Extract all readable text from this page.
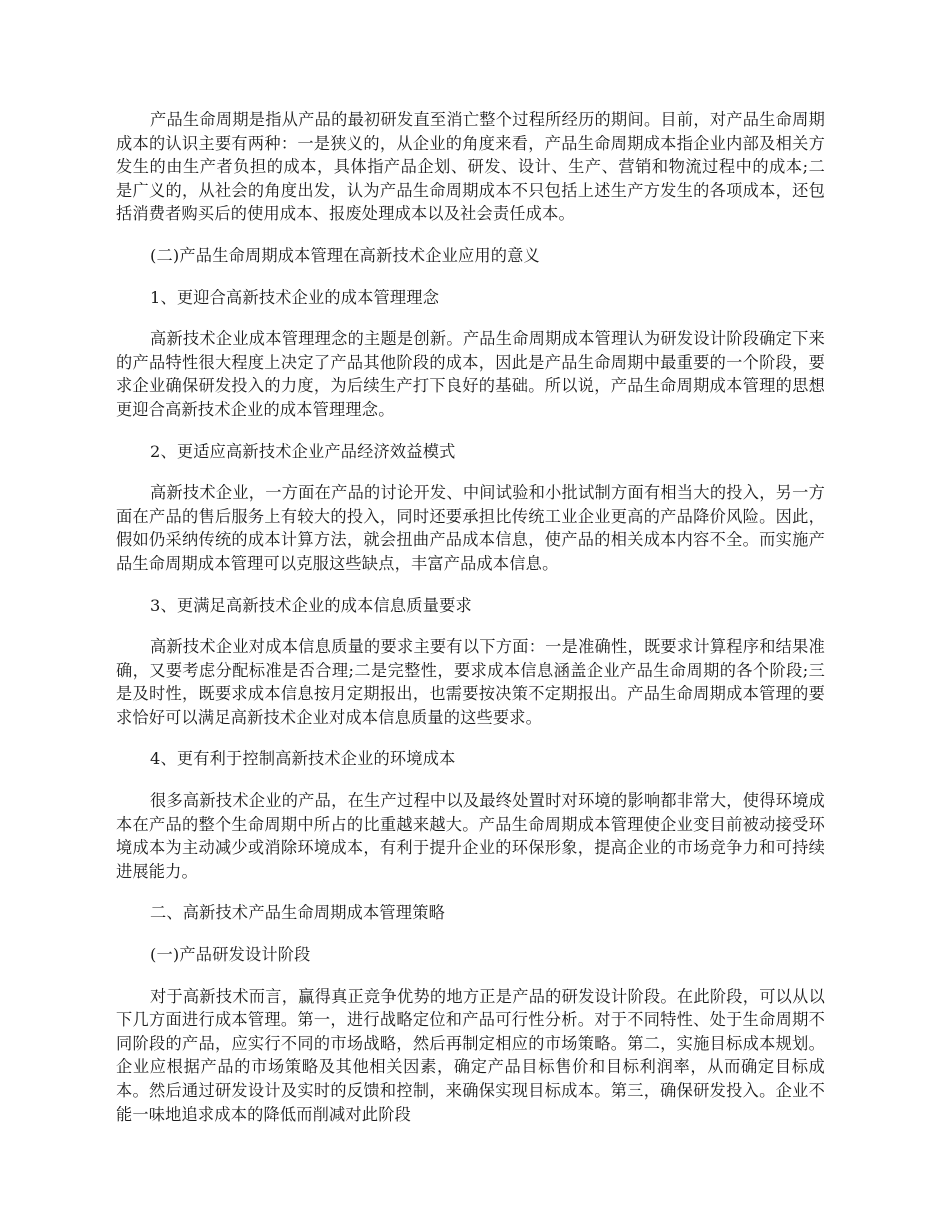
产品生命周期是指从产品的最初研发直至消亡整个过程所经历的期间。目前，对产品生命周期成本的认识主要有两种：一是狭义的，从企业的角度来看，产品生命周期成本指企业内部及相关方发生的由生产者负担的成本，具体指产品企划、研发、设计、生产、营销和物流过程中的成本;二是广义的，从社会的角度出发，认为产品生命周期成本不只包括上述生产方发生的各项成本，还包括消费者购买后的使用成本、报废处理成本以及社会责任成本。

(二)产品生命周期成本管理在高新技术企业应用的意义

1、更迎合高新技术企业的成本管理理念

高新技术企业成本管理理念的主题是创新。产品生命周期成本管理认为研发设计阶段确定下来的产品特性很大程度上决定了产品其他阶段的成本，因此是产品生命周期中最重要的一个阶段，要求企业确保研发投入的力度，为后续生产打下良好的基础。所以说，产品生命周期成本管理的思想更迎合高新技术企业的成本管理理念。

2、更适应高新技术企业产品经济效益模式

高新技术企业，一方面在产品的讨论开发、中间试验和小批试制方面有相当大的投入，另一方面在产品的售后服务上有较大的投入，同时还要承担比传统工业企业更高的产品降价风险。因此，假如仍采纳传统的成本计算方法，就会扭曲产品成本信息，使产品的相关成本内容不全。而实施产品生命周期成本管理可以克服这些缺点，丰富产品成本信息。

3、更满足高新技术企业的成本信息质量要求

高新技术企业对成本信息质量的要求主要有以下方面：一是准确性，既要求计算程序和结果准确，又要考虑分配标准是否合理;二是完整性，要求成本信息涵盖企业产品生命周期的各个阶段;三是及时性，既要求成本信息按月定期报出，也需要按决策不定期报出。产品生命周期成本管理的要求恰好可以满足高新技术企业对成本信息质量的这些要求。

4、更有利于控制高新技术企业的环境成本

很多高新技术企业的产品，在生产过程中以及最终处置时对环境的影响都非常大，使得环境成本在产品的整个生命周期中所占的比重越来越大。产品生命周期成本管理使企业变目前被动接受环境成本为主动减少或消除环境成本，有利于提升企业的环保形象，提高企业的市场竞争力和可持续进展能力。

二、高新技术产品生命周期成本管理策略

(一)产品研发设计阶段

对于高新技术而言，赢得真正竞争优势的地方正是产品的研发设计阶段。在此阶段，可以从以下几方面进行成本管理。第一，进行战略定位和产品可行性分析。对于不同特性、处于生命周期不同阶段的产品，应实行不同的市场战略，然后再制定相应的市场策略。第二，实施目标成本规划。企业应根据产品的市场策略及其他相关因素，确定产品目标售价和目标利润率，从而确定目标成本。然后通过研发设计及实时的反馈和控制，来确保实现目标成本。第三，确保研发投入。企业不能一味地追求成本的降低而削减对此阶段
